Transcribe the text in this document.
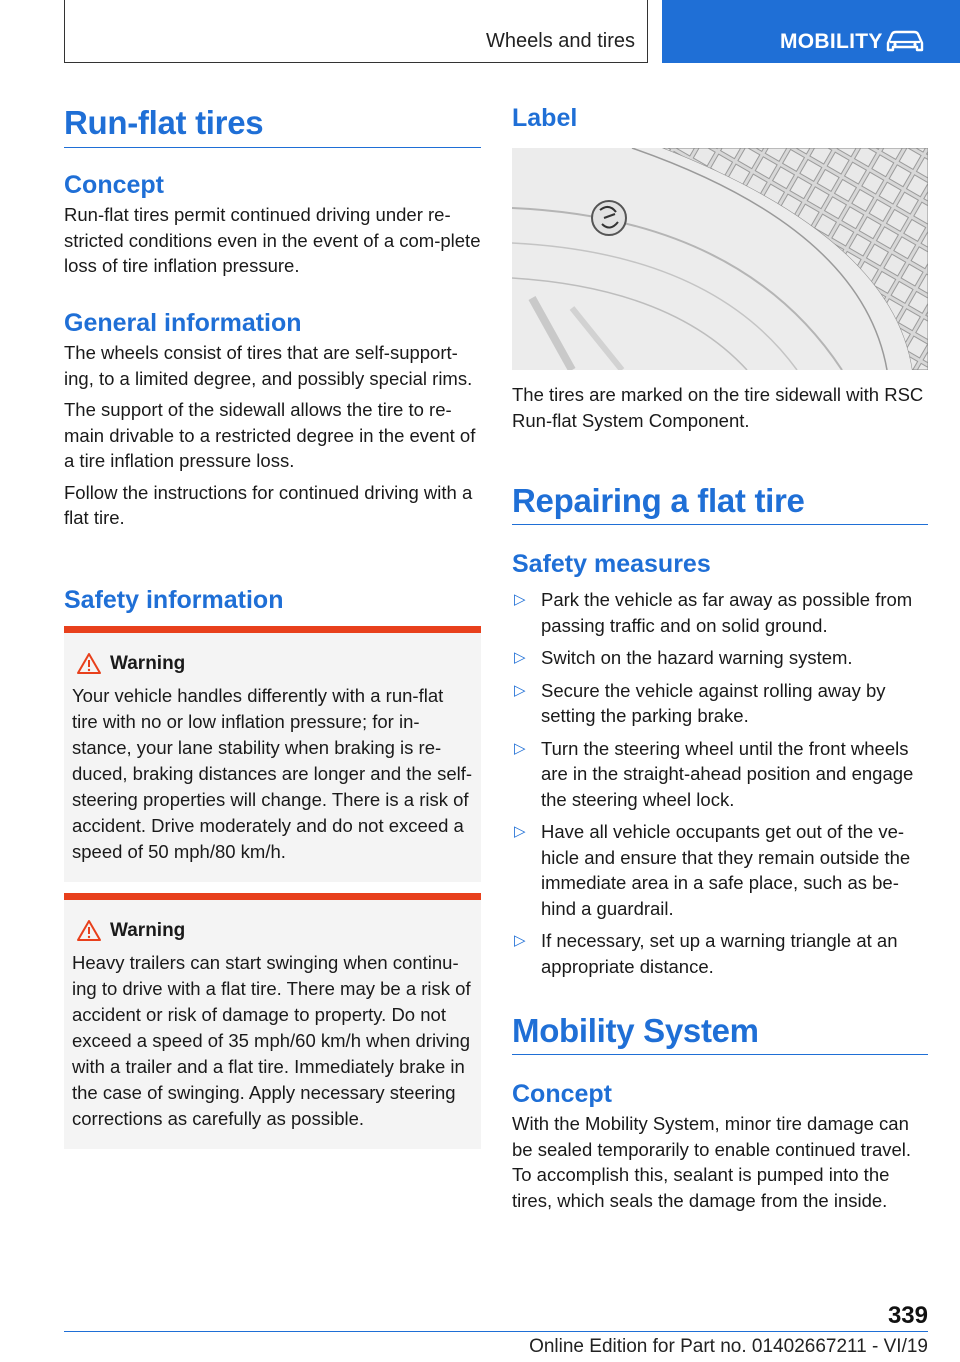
Wheels and tires	MOBILITY
Run-flat tires
Concept

Run-flat tires permit continued driving under re‐stricted conditions even in the event of a com‐plete loss of tire inflation pressure.

General information

The wheels consist of tires that are self-support‐ing, to a limited degree, and possibly special rims.

The support of the sidewall allows the tire to re‐main drivable to a restricted degree in the event of a tire inflation pressure loss.

Follow the instructions for continued driving with a flat tire.

Safety information
Warning

Your vehicle handles differently with a run-flat tire with no or low inflation pressure; for in‐stance, your lane stability when braking is re‐duced, braking distances are longer and the self-steering properties will change. There is a risk of accident. Drive moderately and do not exceed a speed of 50 mph/80 km/h.

Warning

Heavy trailers can start swinging when continu‐ing to drive with a flat tire. There may be a risk of accident or risk of damage to property. Do not exceed a speed of 35 mph/60 km/h when driving with a trailer and a flat tire. Immediately brake in the case of swinging. Apply necessary steering corrections as carefully as possible.

Label

The tires are marked on the tire sidewall with RSC Run-flat System Component.

Repairing a flat tire
Safety measures
▷ Park the vehicle as far away as possible from passing traffic and on solid ground.
▷ Switch on the hazard warning system.
▷ Secure the vehicle against rolling away by setting the parking brake.
▷ Turn the steering wheel until the front wheels are in the straight-ahead position and engage the steering wheel lock.
▷ Have all vehicle occupants get out of the ve‐hicle and ensure that they remain outside the immediate area in a safe place, such as be‐hind a guardrail.
▷ If necessary, set up a warning triangle at an appropriate distance.
Mobility System
Concept

With the Mobility System, minor tire damage can be sealed temporarily to enable continued travel. To accomplish this, sealant is pumped into the tires, which seals the damage from the inside.

339
Online Edition for Part no. 01402667211 - VI/19
